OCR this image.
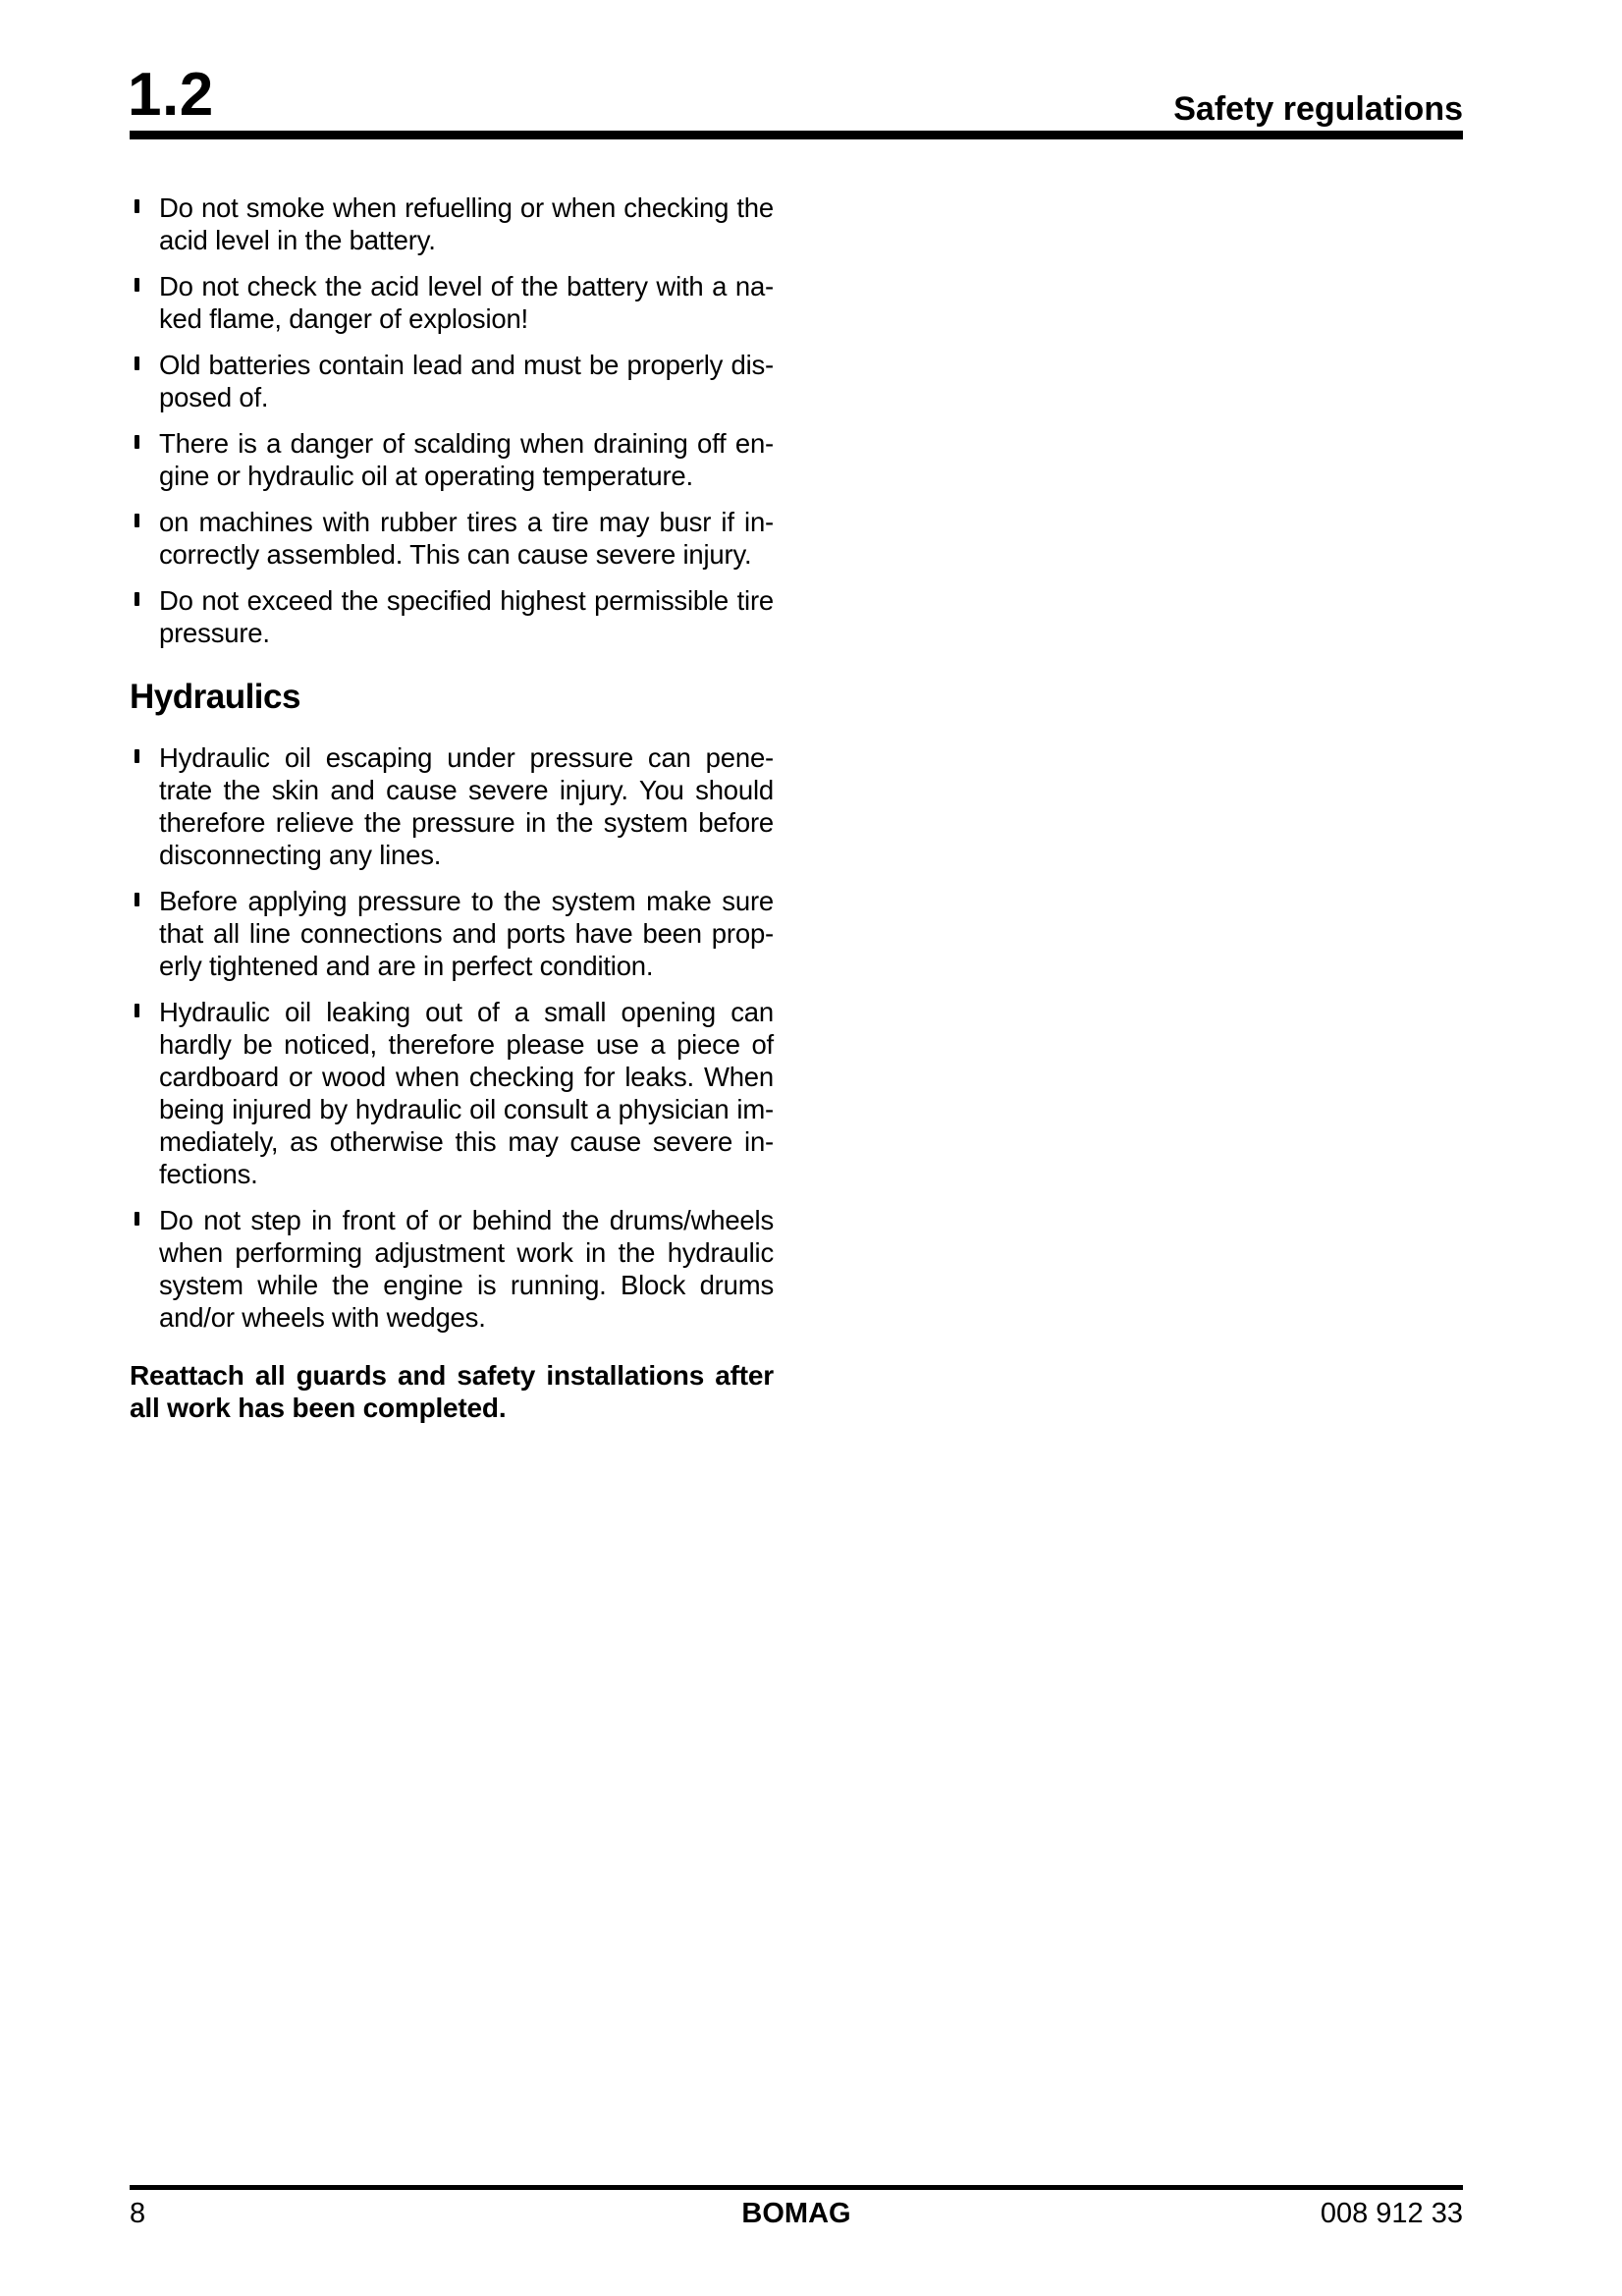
1.2	Safety regulations
Do not smoke when refuelling or when checking the
acid level in the battery.
Do not check the acid level of the battery with a na-
ked flame, danger of explosion!
Old batteries contain lead and must be properly dis-
posed of.
There is a danger of scalding when draining off en-
gine or hydraulic oil at operating temperature.
on machines with rubber tires a tire may busr if in-
correctly assembled. This can cause severe injury.
Do not exceed the specified highest permissible tire
pressure.
Hydraulics
Hydraulic oil escaping under pressure can pene-
trate the skin and cause severe injury. You should
therefore relieve the pressure in the system before
disconnecting any lines.
Before applying pressure to the system make sure
that all line connections and ports have been prop-
erly tightened and are in perfect condition.
Hydraulic oil leaking out of a small opening can
hardly be noticed, therefore please use a piece of
cardboard or wood when checking for leaks. When
being injured by hydraulic oil consult a physician im-
mediately, as otherwise this may cause severe in-
fections.
Do not step in front of or behind the drums/wheels
when performing adjustment work in the hydraulic
system while the engine is running. Block drums
and/or wheels with wedges.
Reattach all guards and safety installations after
all work has been completed.
8	BOMAG	008 912 33
